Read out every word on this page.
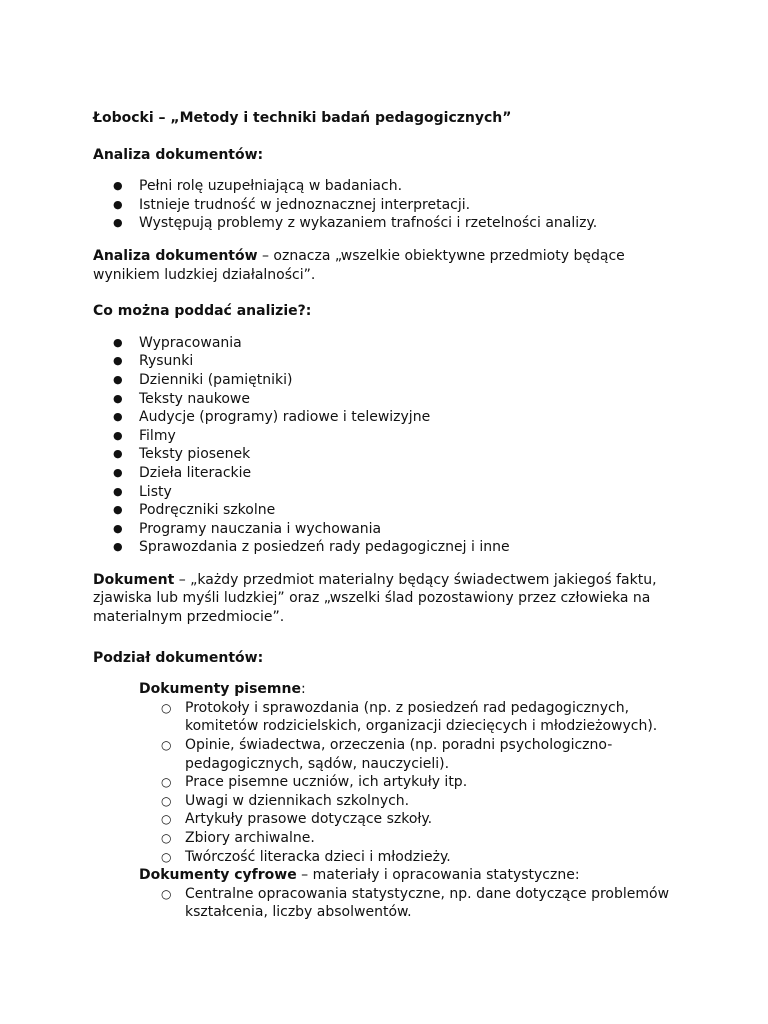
Łobocki – „Metody i techniki badań pedagogicznych”

Analiza dokumentów:

● Pełni rolę uzupełniającą w badaniach.
● Istnieje trudność w jednoznacznej interpretacji.
● Występują problemy z wykazaniem trafności i rzetelności analizy.

Analiza dokumentów – oznacza „wszelkie obiektywne przedmioty będące wynikiem ludzkiej działalności”.

Co można poddać analizie?:

● Wypracowania
● Rysunki
● Dzienniki (pamiętniki)
● Teksty naukowe
● Audycje (programy) radiowe i telewizyjne
● Filmy
● Teksty piosenek
● Dzieła literackie
● Listy
● Podręczniki szkolne
● Programy nauczania i wychowania
● Sprawozdania z posiedzeń rady pedagogicznej i inne

Dokument – „każdy przedmiot materialny będący świadectwem jakiegoś faktu, zjawiska lub myśli ludzkiej” oraz „wszelki ślad pozostawiony przez człowieka na materialnym przedmiocie”.

Podział dokumentów:

Dokumenty pisemne:

○ Protokoły i sprawozdania (np. z posiedzeń rad pedagogicznych, komitetów rodzicielskich, organizacji dziecięcych i młodzieżowych).
○ Opinie, świadectwa, orzeczenia (np. poradni psychologiczno-pedagogicznych, sądów, nauczycieli).
○ Prace pisemne uczniów, ich artykuły itp.
○ Uwagi w dziennikach szkolnych.
○ Artykuły prasowe dotyczące szkoły.
○ Zbiory archiwalne.
○ Twórczość literacka dzieci i młodzieży.

Dokumenty cyfrowe – materiały i opracowania statystyczne:

○ Centralne opracowania statystyczne, np. dane dotyczące problemów kształcenia, liczby absolwentów.
